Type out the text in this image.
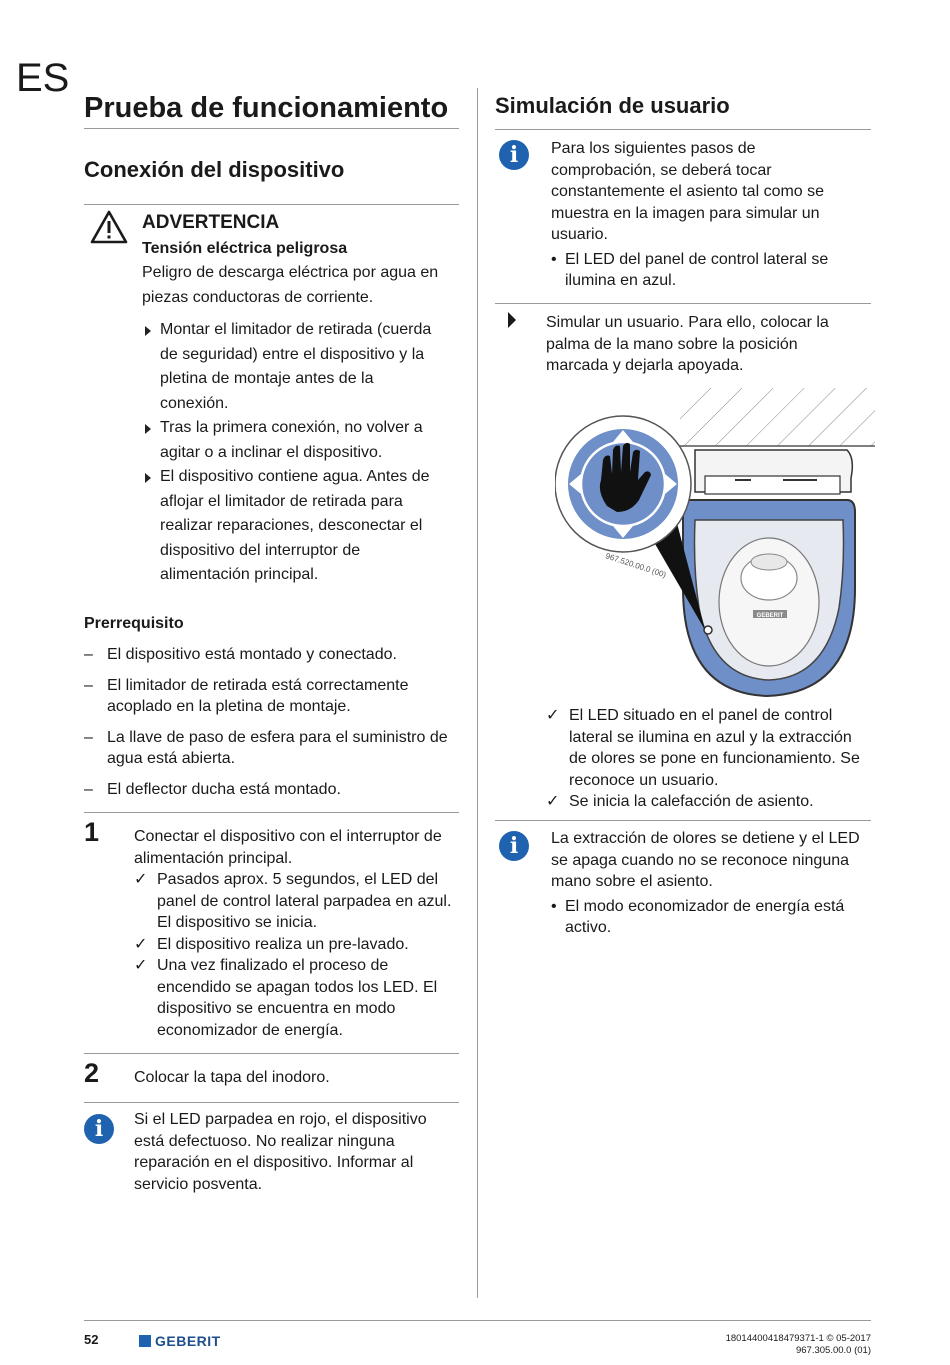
ES
Prueba de funcionamiento
Conexión del dispositivo
ADVERTENCIA
Tensión eléctrica peligrosa
Peligro de descarga eléctrica por agua en
piezas conductoras de corriente.
Montar el limitador de retirada (cuerda
de seguridad) entre el dispositivo y la
pletina de montaje antes de la
conexión.
Tras la primera conexión, no volver a
agitar o a inclinar el dispositivo.
El dispositivo contiene agua. Antes de
aflojar el limitador de retirada para
realizar reparaciones, desconectar el
dispositivo del interruptor de
alimentación principal.
Prerrequisito
– El dispositivo está montado y conectado.
– El limitador de retirada está correctamente
acoplado en la pletina de montaje.
– La llave de paso de esfera para el suministro de
agua está abierta.
– El deflector ducha está montado.
1 Conectar el dispositivo con el interruptor de
alimentación principal.
✓ Pasados aprox. 5 segundos, el LED del
panel de control lateral parpadea en azul.
El dispositivo se inicia.
✓ El dispositivo realiza un pre-lavado.
✓ Una vez finalizado el proceso de
encendido se apagan todos los LED. El
dispositivo se encuentra en modo
economizador de energía.
2 Colocar la tapa del inodoro.
i	Si el LED parpadea en rojo, el dispositivo
está defectuoso. No realizar ninguna
reparación en el dispositivo. Informar al
servicio posventa.
Simulación de usuario
i	Para los siguientes pasos de
comprobación, se deberá tocar
constantemente el asiento tal como se
muestra en la imagen para simular un
usuario.
• El LED del panel de control lateral se
ilumina en azul.
Simular un usuario. Para ello, colocar la
palma de la mano sobre la posición
marcada y dejarla apoyada.
GEBERIT
967.520.00.0 (00)
✓ El LED situado en el panel de control
lateral se ilumina en azul y la extracción
de olores se pone en funcionamiento. Se
reconoce un usuario.
✓ Se inicia la calefacción de asiento.
i	La extracción de olores se detiene y el LED
se apaga cuando no se reconoce ninguna
mano sobre el asiento.
• El modo economizador de energía está
activo.
52	GEBERIT	18014400418479371-1 © 05-2017
967.305.00.0 (01)
